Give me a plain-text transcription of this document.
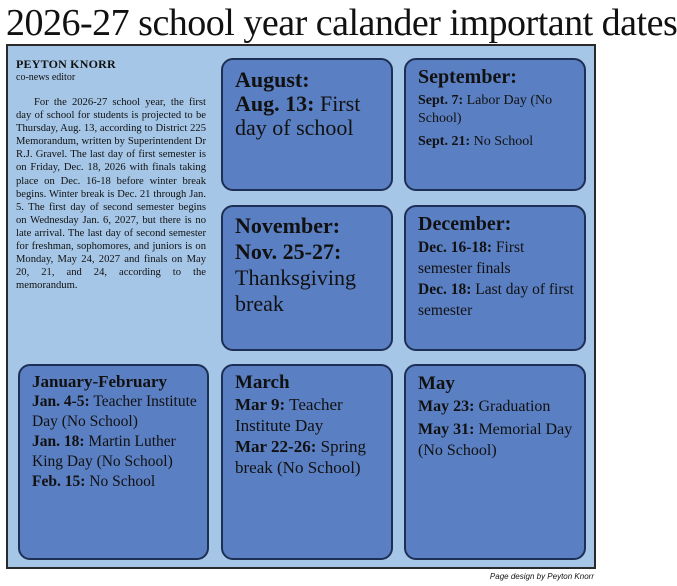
2026-27 school year calander important dates
PEYTON KNORR
co-news editor

For the 2026-27 school year, the first day of school for students is projected to be Thursday, Aug. 13, according to District 225 Memorandum, written by Superintendent Dr R.J. Gravel. The last day of first semester is on Friday, Dec. 18, 2026 with finals taking place on Dec. 16-18 before winter break begins. Winter break is Dec. 21 through Jan. 5. The first day of second semester begins on Wednesday Jan. 6, 2027, but there is no late arrival. The last day of second semester for freshman, sophomores, and juniors is on Monday, May 24, 2027 and finals on May 20, 21, and 24, according to the memorandum.

August:
Aug. 13: First day of school
September:
Sept. 7: Labor Day (No School)
Sept. 21: No School
November:
Nov. 25-27: Thanksgiving break
December:
Dec. 16-18: First semester finals
Dec. 18: Last day of first semester
January-February
Jan. 4-5: Teacher Institute Day (No School)
Jan. 18: Martin Luther King Day (No School)
Feb. 15: No School
March
Mar 9: Teacher Institute Day
Mar 22-26: Spring break (No School)
May
May 23: Graduation
May 31: Memorial Day (No School)
Page design by Peyton Knorr
